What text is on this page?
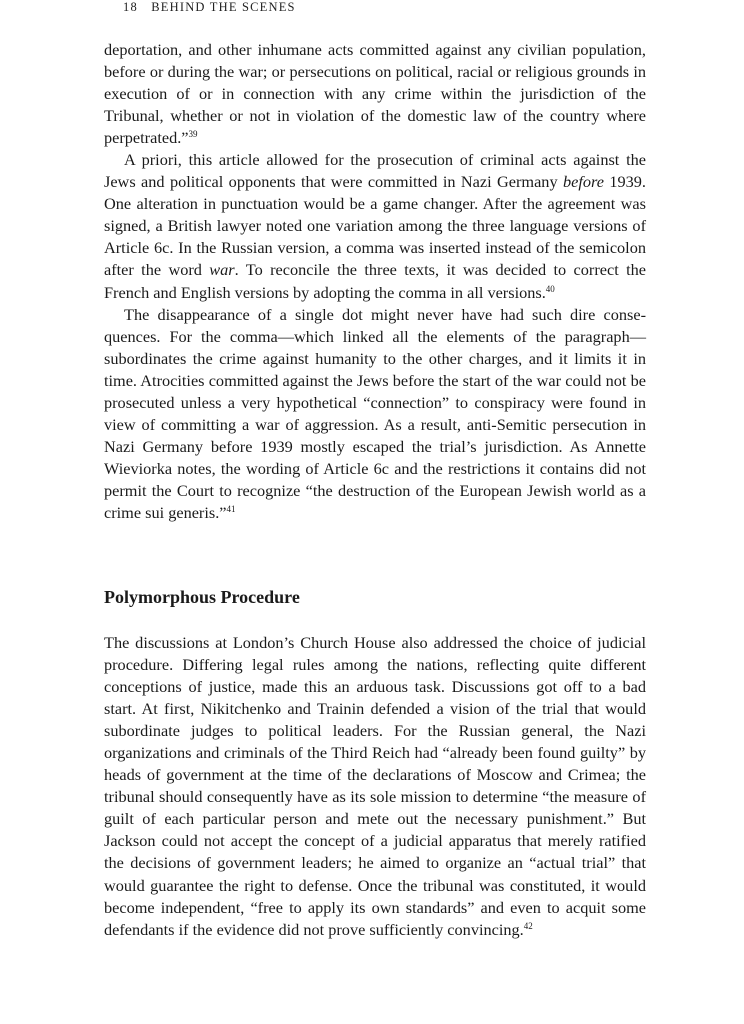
18 BEHIND THE SCENES

deportation, and other inhumane acts committed against any civilian population, before or during the war; or persecutions on political, racial or religious grounds in execution of or in connection with any crime within the jurisdiction of the Tribunal, whether or not in violation of the domestic law of the country where perpetrated.”$^{39}$

A priori, this article allowed for the prosecution of criminal acts against the Jews and political opponents that were committed in Nazi Germany before 1939. One alteration in punctuation would be a game changer. After the agreement was signed, a British lawyer noted one variation among the three language versions of Article 6c. In the Russian version, a comma was inserted instead of the semicolon after the word war. To reconcile the three texts, it was decided to correct the French and English versions by adopting the comma in all versions.$^{40}$

The disappearance of a single dot might never have had such dire consequences. For the comma—which linked all the elements of the paragraph—subordinates the crime against humanity to the other charges, and it limits it in time. Atrocities committed against the Jews before the start of the war could not be prosecuted unless a very hypothetical “connection” to conspiracy were found in view of committing a war of aggression. As a result, anti-Semitic persecution in Nazi Germany before 1939 mostly escaped the trial’s jurisdiction. As Annette Wieviorka notes, the wording of Article 6c and the restrictions it contains did not permit the Court to recognize “the destruction of the European Jewish world as a crime sui generis.”$^{41}$

Polymorphous Procedure

The discussions at London’s Church House also addressed the choice of judicial procedure. Differing legal rules among the nations, reflecting quite different conceptions of justice, made this an arduous task. Discussions got off to a bad start. At first, Nikitchenko and Trainin defended a vision of the trial that would subordinate judges to political leaders. For the Russian general, the Nazi organizations and criminals of the Third Reich had “already been found guilty” by heads of government at the time of the declarations of Moscow and Crimea; the tribunal should consequently have as its sole mission to determine “the measure of guilt of each particular person and mete out the necessary punishment.” But Jackson could not accept the concept of a judicial apparatus that merely ratified the decisions of government leaders; he aimed to organize an “actual trial” that would guarantee the right to defense. Once the tribunal was constituted, it would become independent, “free to apply its own standards” and even to acquit some defendants if the evidence did not prove sufficiently convincing.$^{42}$
